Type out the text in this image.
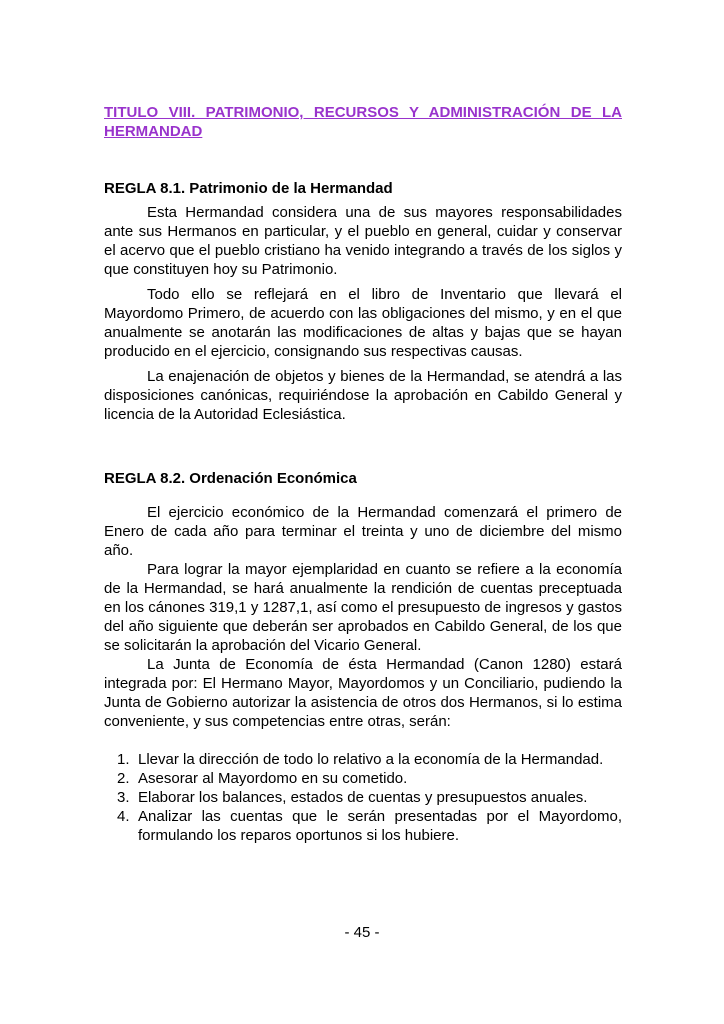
TITULO VIII. PATRIMONIO, RECURSOS Y ADMINISTRACIÓN DE LA HERMANDAD

REGLA 8.1. Patrimonio de la Hermandad

Esta Hermandad considera una de sus mayores responsabilidades ante sus Hermanos en particular, y el pueblo en general, cuidar y conservar el acervo que el pueblo cristiano ha venido integrando a través de los siglos y que constituyen hoy su Patrimonio.

Todo ello se reflejará en el libro de Inventario que llevará el Mayordomo Primero, de acuerdo con las obligaciones del mismo, y en el que anualmente se anotarán las modificaciones de altas y bajas que se hayan producido en el ejercicio, consignando sus respectivas causas.

La enajenación de objetos y bienes de la Hermandad, se atendrá a las disposiciones canónicas, requiriéndose la aprobación en Cabildo General y licencia de la Autoridad Eclesiástica.

REGLA 8.2. Ordenación Económica

El ejercicio económico de la Hermandad comenzará el primero de Enero de cada año para terminar el treinta y uno de diciembre del mismo año.

Para lograr la mayor ejemplaridad en cuanto se refiere a la economía de la Hermandad, se hará anualmente la rendición de cuentas preceptuada en los cánones 319,1 y 1287,1, así como el presupuesto de ingresos y gastos del año siguiente que deberán ser aprobados en Cabildo General, de los que se solicitarán la aprobación del Vicario General.

La Junta de Economía de ésta Hermandad (Canon 1280) estará integrada por: El Hermano Mayor, Mayordomos y un Conciliario, pudiendo la Junta de Gobierno autorizar la asistencia de otros dos Hermanos, si lo estima conveniente, y sus competencias entre otras, serán:

1. Llevar la dirección de todo lo relativo a la economía de la Hermandad.
2. Asesorar al Mayordomo en su cometido.
3. Elaborar los balances, estados de cuentas y presupuestos anuales.
4. Analizar las cuentas que le serán presentadas por el Mayordomo, formulando los reparos oportunos si los hubiere.
- 45 -
